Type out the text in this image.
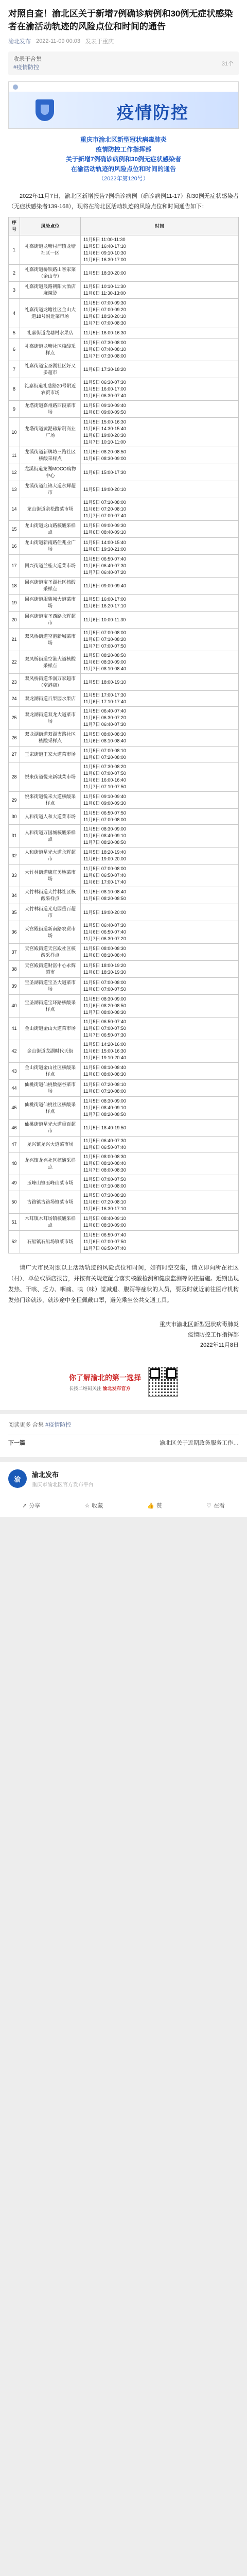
对照自查！渝北区关于新增7例确诊病例和30例无症状感染者在渝活动轨迹的风险点位和时间的通告
渝北发布 2022-11-09 00:03 发表于重庆
收录于合集
#疫情防控
31个
疫情防控
重庆市渝北区新型冠状病毒肺炎
疫情防控工作指挥部
关于新增7例确诊病例和30例无症状感染者
在渝活动轨迹的风险点位和时间的通告
（2022年第120号）

2022年11月7日，渝北区新增报告7例确诊病例（确诊病例11-17）和30例无症状感染者（无症状感染者139-168），现将在渝北区活动轨迹的风险点位和时间通告如下：

序号	风险点位	时间
1	礼嘉街道龙塘村浦镇龙塘社区一区	11月5日 11:00-11:30
11月5日 16:40-17:10
11月6日 09:10-10:30
11月6日 16:30-17:00

2	礼嘉街道桥铁路山客家菜（金山寺）	11月5日 18:30-20:00

3	礼嘉街道晟路朝阳大酒店麻辣烫	11月5日 10:10-11:30
11月6日 11:30-13:00

4	礼嘉街道龙塘社区金山大道18号附近菜市场	11月5日 07:00-09:30
11月6日 07:00-09:20
11月6日 18:30-20:10
11月7日 07:00-08:30

5	礼嘉街道龙塘村水果店	11月5日 16:00-16:30

6	礼嘉街道龙塘社区核酸采样点	11月5日 07:30-08:00
11月6日 07:40-08:10
11月7日 07:30-08:00

7	礼嘉街道宝圣湖社区好又多超市	11月6日 17:30-18:20

8	礼嘉街道礼慈路20号附近农贸市场	11月5日 06:30-07:30
11月5日 16:00-17:00
11月6日 06:30-07:40

9	龙塔街道嘉州路西段菜市场	11月5日 09:10-09:40
11月6日 09:00-09:50

10	龙塔街道黄泥磅紫荆商业广场	11月5日 15:00-16:30
11月6日 14:30-15:40
11月6日 19:00-20:30
11月7日 10:10-11:00

11	龙溪街道新牌坊三路社区核酸采样点	11月5日 08:20-08:50
11月6日 08:30-09:00

12	龙溪街道龙湖MOCO购物中心	11月6日 15:00-17:30

13	龙溪街道红锦大道永辉超市	11月5日 19:00-20:10

14	龙山街道余松路菜市场	11月5日 07:10-08:00
11月6日 07:20-08:10
11月7日 07:00-07:40

15	龙山街道龙山路核酸采样点	11月5日 09:00-09:30
11月6日 08:40-09:10

16	龙山街道新南路佳兆业广场	11月5日 14:00-15:40
11月6日 19:30-21:00

17	回兴街道兰桂大道菜市场	11月5日 06:50-07:40
11月6日 06:40-07:30
11月7日 06:40-07:20

18	回兴街道宝圣湖社区核酸采样点	11月5日 09:00-09:40

19	回兴街道服装城大道菜市场	11月5日 16:00-17:00
11月6日 16:20-17:10

20	回兴街道宝圣西路永辉超市	11月6日 10:00-11:30

21	双凤桥街道空港新城菜市场	11月5日 07:00-08:00
11月6日 07:10-08:20
11月7日 07:00-07:50

22	双凤桥街道空港大道核酸采样点	11月5日 08:20-08:50
11月6日 08:30-09:00
11月7日 08:10-08:40

23	双凤桥街道华润万家超市（空港店）	11月5日 18:00-19:10

24	双龙湖街道百果园水果店	11月5日 17:00-17:30
11月6日 17:10-17:40

25	双龙湖街道双龙大道菜市场	11月5日 06:40-07:40
11月6日 06:30-07:20
11月7日 06:40-07:30

26	双龙湖街道双湖支路社区核酸采样点	11月5日 08:00-08:30
11月6日 08:10-08:40

27	王家街道王家大道菜市场	11月5日 07:00-08:10
11月6日 07:20-08:00

28	悦来街道悦来新城菜市场	11月5日 07:30-08:20
11月6日 07:00-07:50
11月6日 16:00-16:40
11月7日 07:10-07:50

29	悦来街道悦来大道核酸采样点	11月5日 09:10-09:40
11月6日 09:00-09:30

30	人和街道人和大道菜市场	11月5日 06:50-07:50
11月6日 07:00-08:00

31	人和街道万国城核酸采样点	11月5日 08:30-09:00
11月6日 08:40-09:10
11月7日 08:20-08:50

32	人和街道星光大道永辉超市	11月5日 18:20-19:40
11月6日 19:00-20:00

33	大竹林街道康庄美地菜市场	11月5日 07:00-08:00
11月6日 06:50-07:40
11月6日 17:00-17:40

34	大竹林街道大竹林社区核酸采样点	11月5日 08:10-08:40
11月6日 08:20-08:50

35	大竹林街道光电园重百超市	11月5日 19:00-20:00

36	天宫殿街道新南路农贸市场	11月5日 06:40-07:30
11月6日 06:50-07:40
11月7日 06:30-07:20

37	天宫殿街道天宫殿社区核酸采样点	11月5日 08:00-08:30
11月6日 08:10-08:40

38	天宫殿街道财富中心永辉超市	11月5日 18:00-19:20
11月6日 18:30-19:30

39	宝圣湖街道宝圣大道菜市场	11月5日 07:00-08:00
11月6日 07:00-07:50

40	宝圣湖街道宝环路核酸采样点	11月5日 08:30-09:00
11月6日 08:20-08:50
11月7日 08:00-08:30

41	金山街道金山大道菜市场	11月5日 06:50-07:40
11月6日 07:00-07:50
11月7日 06:50-07:30

42	金山街道龙湖时代天街	11月5日 14:20-16:00
11月6日 15:00-16:30
11月6日 19:10-20:40

43	金山街道金山社区核酸采样点	11月5日 08:10-08:40
11月6日 08:00-08:30

44	仙桃街道仙桃数据谷菜市场	11月5日 07:20-08:10
11月6日 07:10-08:00

45	仙桃街道仙桃社区核酸采样点	11月5日 08:30-09:00
11月6日 08:40-09:10
11月7日 08:20-08:50

46	仙桃街道星光大道重百超市	11月5日 18:40-19:50

47	龙兴镇龙兴大道菜市场	11月5日 06:40-07:30
11月6日 06:50-07:40

48	龙兴镇龙兴社区核酸采样点	11月5日 08:00-08:30
11月6日 08:10-08:40
11月7日 08:00-08:30

49	玉峰山镇玉峰山菜市场	11月5日 07:00-07:50
11月6日 07:10-08:00

50	古路镇古路场镇菜市场	11月5日 07:30-08:20
11月6日 07:20-08:10
11月6日 16:30-17:10

51	木耳镇木耳场镇核酸采样点	11月5日 08:40-09:10
11月6日 08:30-09:00

52	石船镇石船场镇菜市场	11月5日 06:50-07:40
11月6日 07:00-07:50
11月7日 06:50-07:40

请广大市民对照以上活动轨迹的风险点位和时间，如有时空交集，请立即向所在社区（村）、单位或酒店报告，并按有关规定配合落实核酸检测和健康监测等防控措施。近期出现发热、干咳、乏力、咽痛、嗅（味）觉减退、腹泻等症状的人员，要及时就近前往医疗机构发热门诊就诊，就诊途中全程佩戴口罩，避免乘坐公共交通工具。

重庆市渝北区新型冠状病毒肺炎
疫情防控工作指挥部
2022年11月8日
你了解渝北的第一选择
长按二维码关注 渝北发布官方
阅读更多 合集 #疫情防控
下一篇	渝北区关于近期政务服务工作…
渝
渝北发布
重庆市渝北区官方发布平台
↗ 分享	☆ 收藏	👍 赞	♡ 在看
